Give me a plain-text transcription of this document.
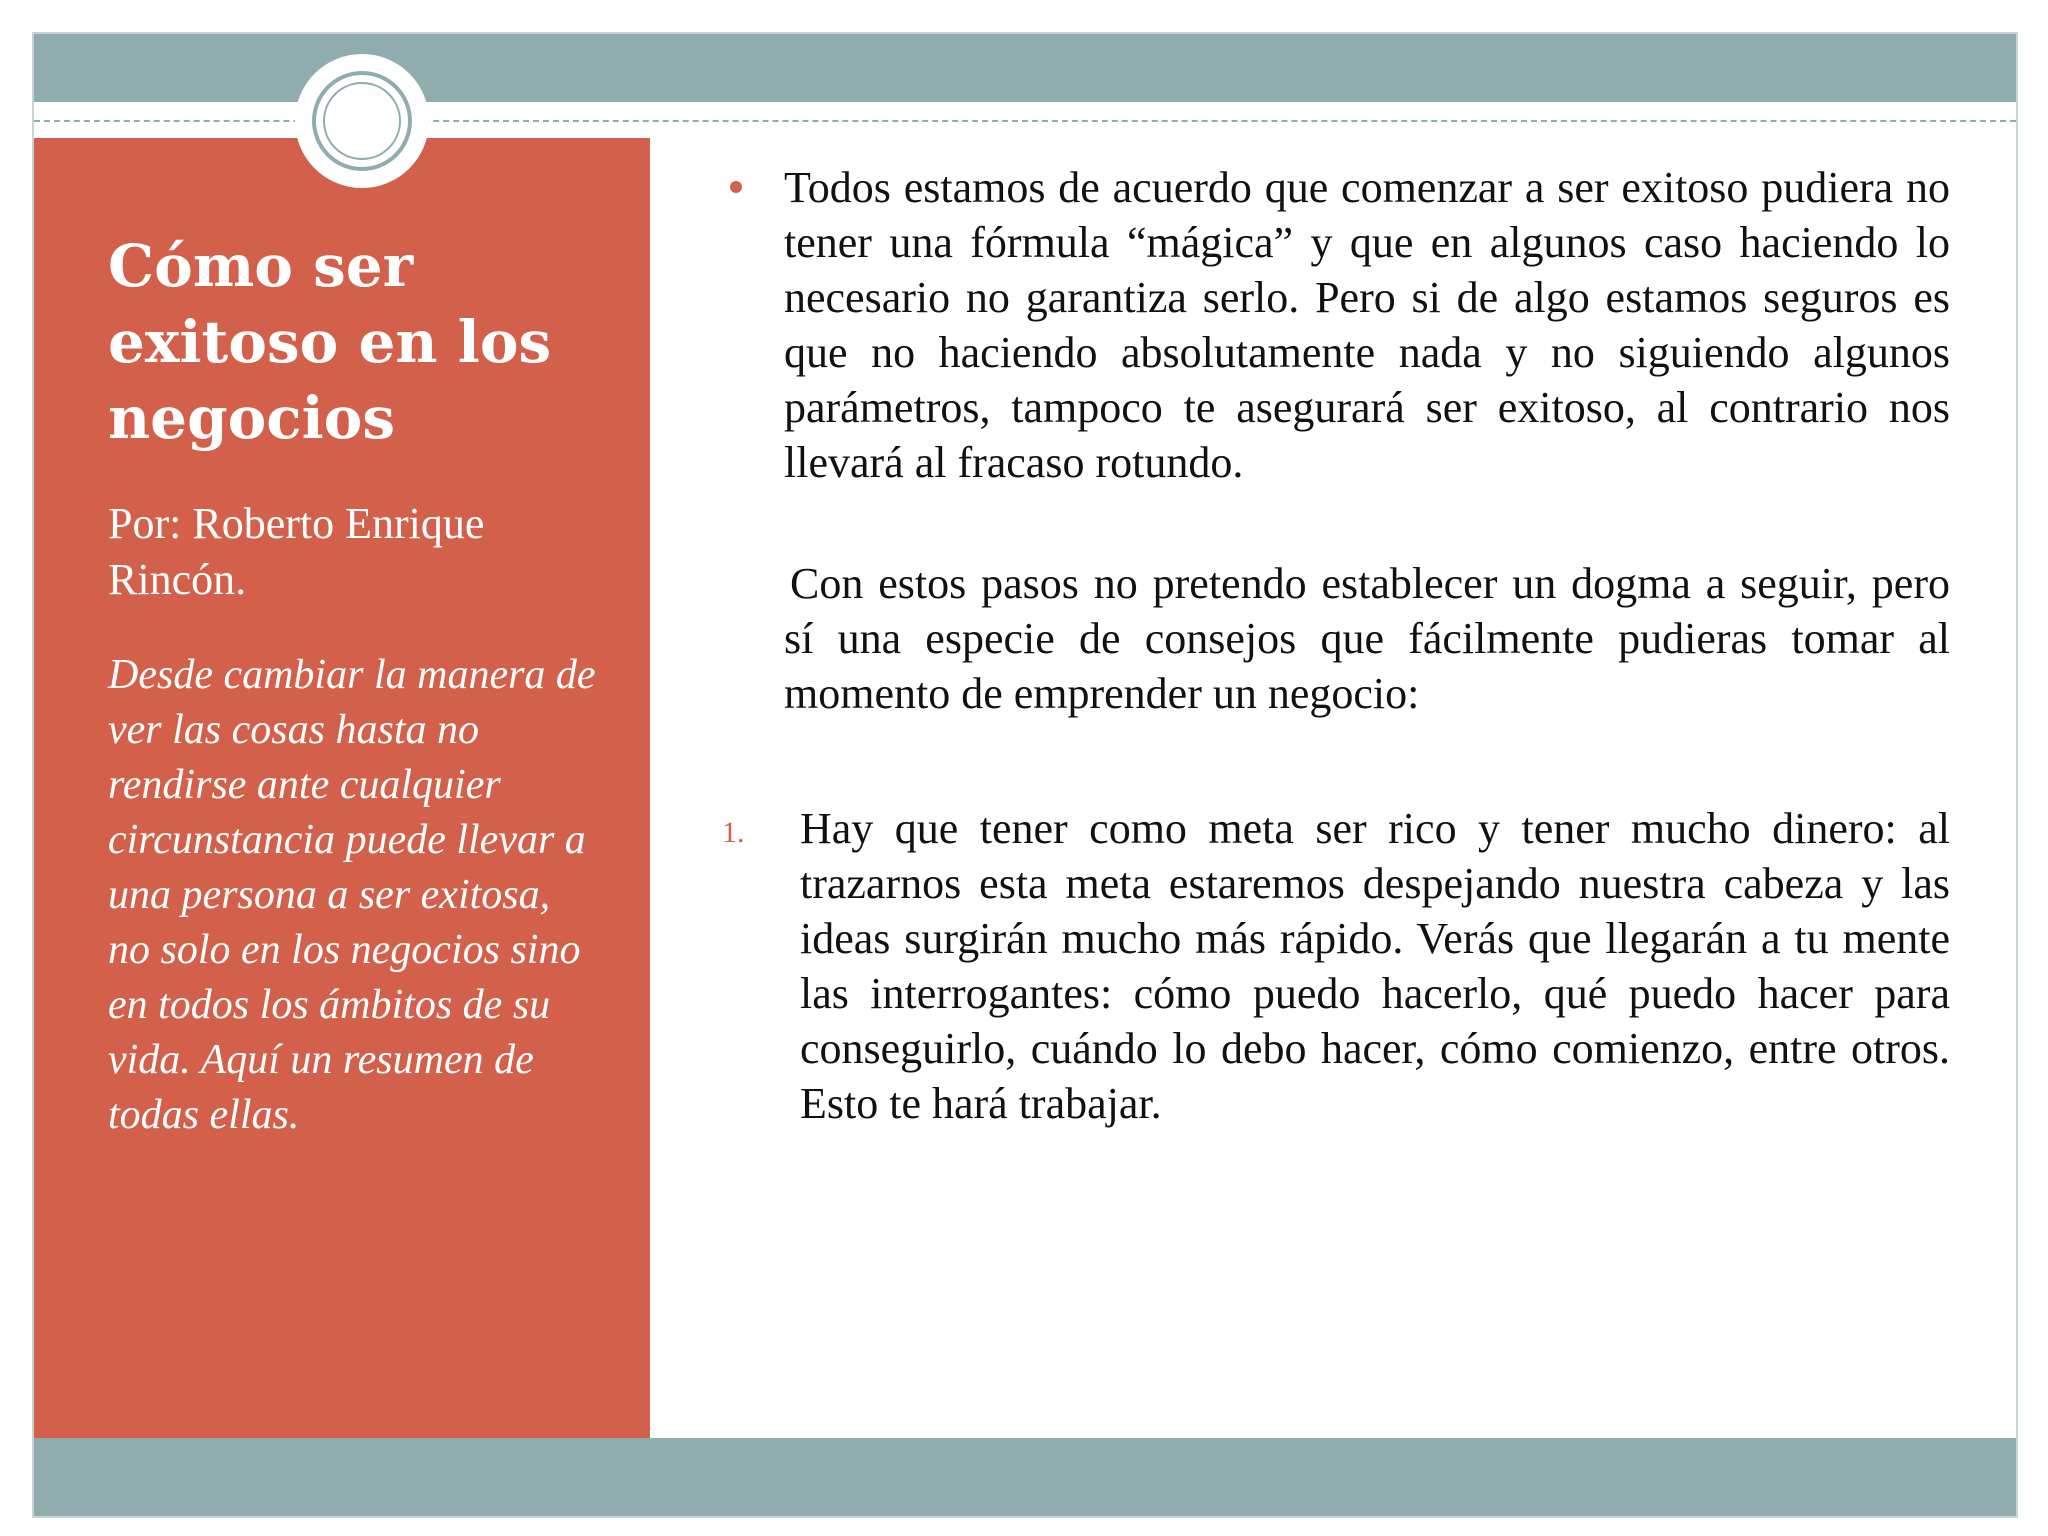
Cómo ser exitoso en los negocios

Por: Roberto Enrique Rincón.

Desde cambiar la manera de ver las cosas hasta no rendirse ante cualquier circunstancia puede llevar a una persona a ser exitosa, no solo en los negocios sino en todos los ámbitos de su vida. Aquí un resumen de todas ellas.

Todos estamos de acuerdo que comenzar a ser exitoso pudiera no tener una fórmula “mágica” y que en algunos caso haciendo lo necesario no garantiza serlo. Pero si de algo estamos seguros es que no haciendo absolutamente nada y no siguiendo algunos parámetros, tampoco te asegurará ser exitoso, al contrario nos llevará al fracaso rotundo.

Con estos pasos no pretendo establecer un dogma a seguir, pero sí una especie de consejos que fácilmente pudieras tomar al momento de emprender un negocio:

1. Hay que tener como meta ser rico y tener mucho dinero: al trazarnos esta meta estaremos despejando nuestra cabeza y las ideas surgirán mucho más rápido. Verás que llegarán a tu mente las interrogantes: cómo puedo hacerlo, qué puedo hacer para conseguirlo, cuándo lo debo hacer, cómo comienzo, entre otros. Esto te hará trabajar.
